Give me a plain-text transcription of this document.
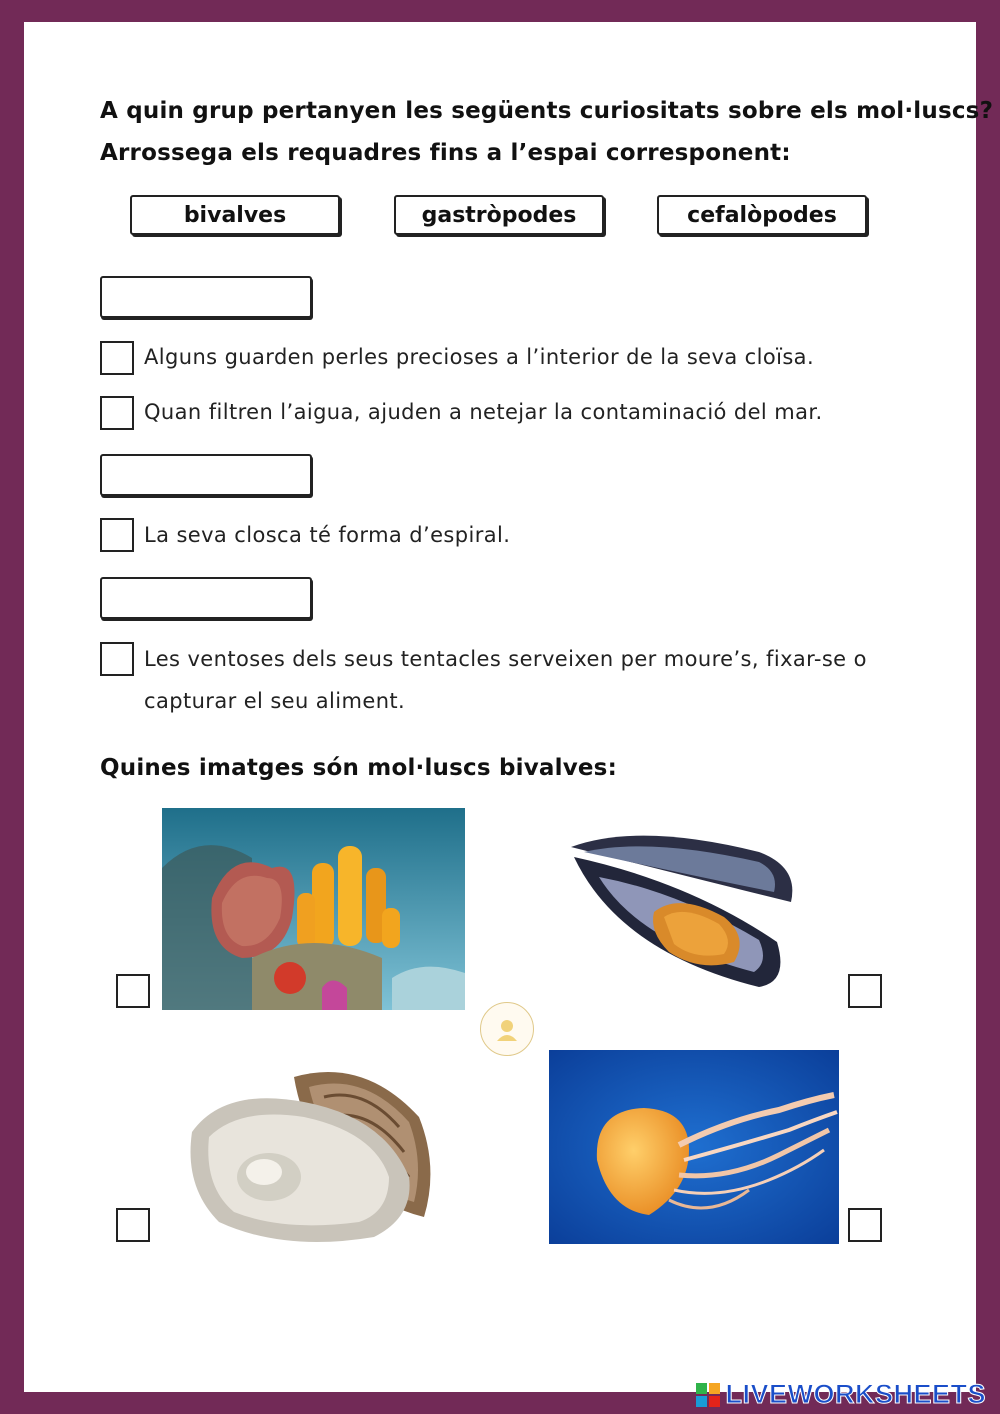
A quin grup pertanyen les següents curiositats sobre els mol·luscs?
Arrossega els requadres fins a l’espai corresponent:
bivalves	gastròpodes	cefalòpodes
Alguns guarden perles precioses a l’interior de la seva cloïsa.
Quan filtren l’aigua, ajuden a netejar la contaminació del mar.
La seva closca té forma d’espiral.
Les ventoses dels seus tentacles serveixen per moure’s, fixar-se o
capturar el seu aliment.
Quines imatges són mol·luscs bivalves:
LIVEWORKSHEETS
